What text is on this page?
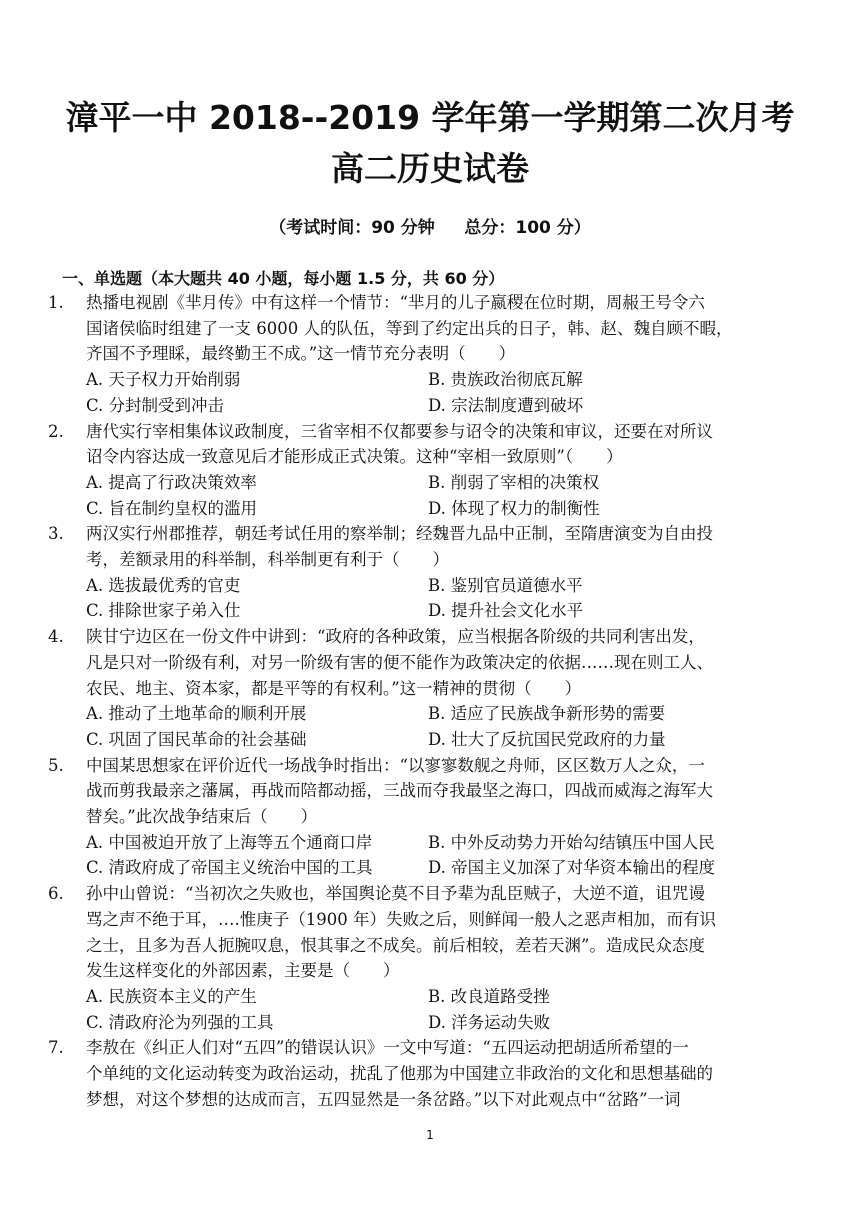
漳平一中 2018--2019 学年第一学期第二次月考
高二历史试卷
（考试时间：90 分钟     总分：100 分）
一、单选题（本大题共 40 小题，每小题 1.5 分，共 60 分）
1. 热播电视剧《芈月传》中有这样一个情节：“芈月的儿子嬴稷在位时期，周赧王号令六
国诸侯临时组建了一支 6000 人的队伍，等到了约定出兵的日子，韩、赵、魏自顾不暇，
齐国不予理睬，最终勤王不成。”这一情节充分表明（　　）
A. 天子权力开始削弱	B. 贵族政治彻底瓦解
C. 分封制受到冲击	D. 宗法制度遭到破坏
2. 唐代实行宰相集体议政制度，三省宰相不仅都要参与诏令的决策和审议，还要在对所议
诏令内容达成一致意见后才能形成正式决策。这种“宰相一致原则”（　　）
A. 提高了行政决策效率	B. 削弱了宰相的决策权
C. 旨在制约皇权的滥用	D. 体现了权力的制衡性
3. 两汉实行州郡推荐，朝廷考试任用的察举制；经魏晋九品中正制，至隋唐演变为自由投
考，差额录用的科举制，科举制更有利于（　　）
A. 选拔最优秀的官吏	B. 鉴别官员道德水平
C. 排除世家子弟入仕	D. 提升社会文化水平
4. 陕甘宁边区在一份文件中讲到：“政府的各种政策，应当根据各阶级的共同利害出发，
凡是只对一阶级有利，对另一阶级有害的便不能作为政策决定的依据……现在则工人、
农民、地主、资本家，都是平等的有权利。”这一精神的贯彻（　　）
A. 推动了土地革命的顺利开展	B. 适应了民族战争新形势的需要
C. 巩固了国民革命的社会基础	D. 壮大了反抗国民党政府的力量
5. 中国某思想家在评价近代一场战争时指出：“以寥寥数舰之舟师，区区数万人之众，一
战而剪我最亲之藩属，再战而陪都动摇，三战而夺我最坚之海口，四战而威海之海军大
替矣。”此次战争结束后（　　）
A. 中国被迫开放了上海等五个通商口岸	B. 中外反动势力开始勾结镇压中国人民
C. 清政府成了帝国主义统治中国的工具	D. 帝国主义加深了对华资本输出的程度
6. 孙中山曾说：“当初次之失败也，举国舆论莫不目予辈为乱臣贼子，大逆不道，诅咒谩
骂之声不绝于耳，….惟庚子（1900 年）失败之后，则鲜闻一般人之恶声相加，而有识
之士，且多为吾人扼腕叹息，恨其事之不成矣。前后相较，差若天渊”。造成民众态度
发生这样变化的外部因素，主要是（　　）
A. 民族资本主义的产生	B. 改良道路受挫
C. 清政府沦为列强的工具	D. 洋务运动失败
7. 李敖在《纠正人们对“五四”的错误认识》一文中写道：“五四运动把胡适所希望的一
个单纯的文化运动转变为政治运动，扰乱了他那为中国建立非政治的文化和思想基础的
梦想，对这个梦想的达成而言，五四显然是一条岔路。”以下对此观点中“岔路”一词
1
